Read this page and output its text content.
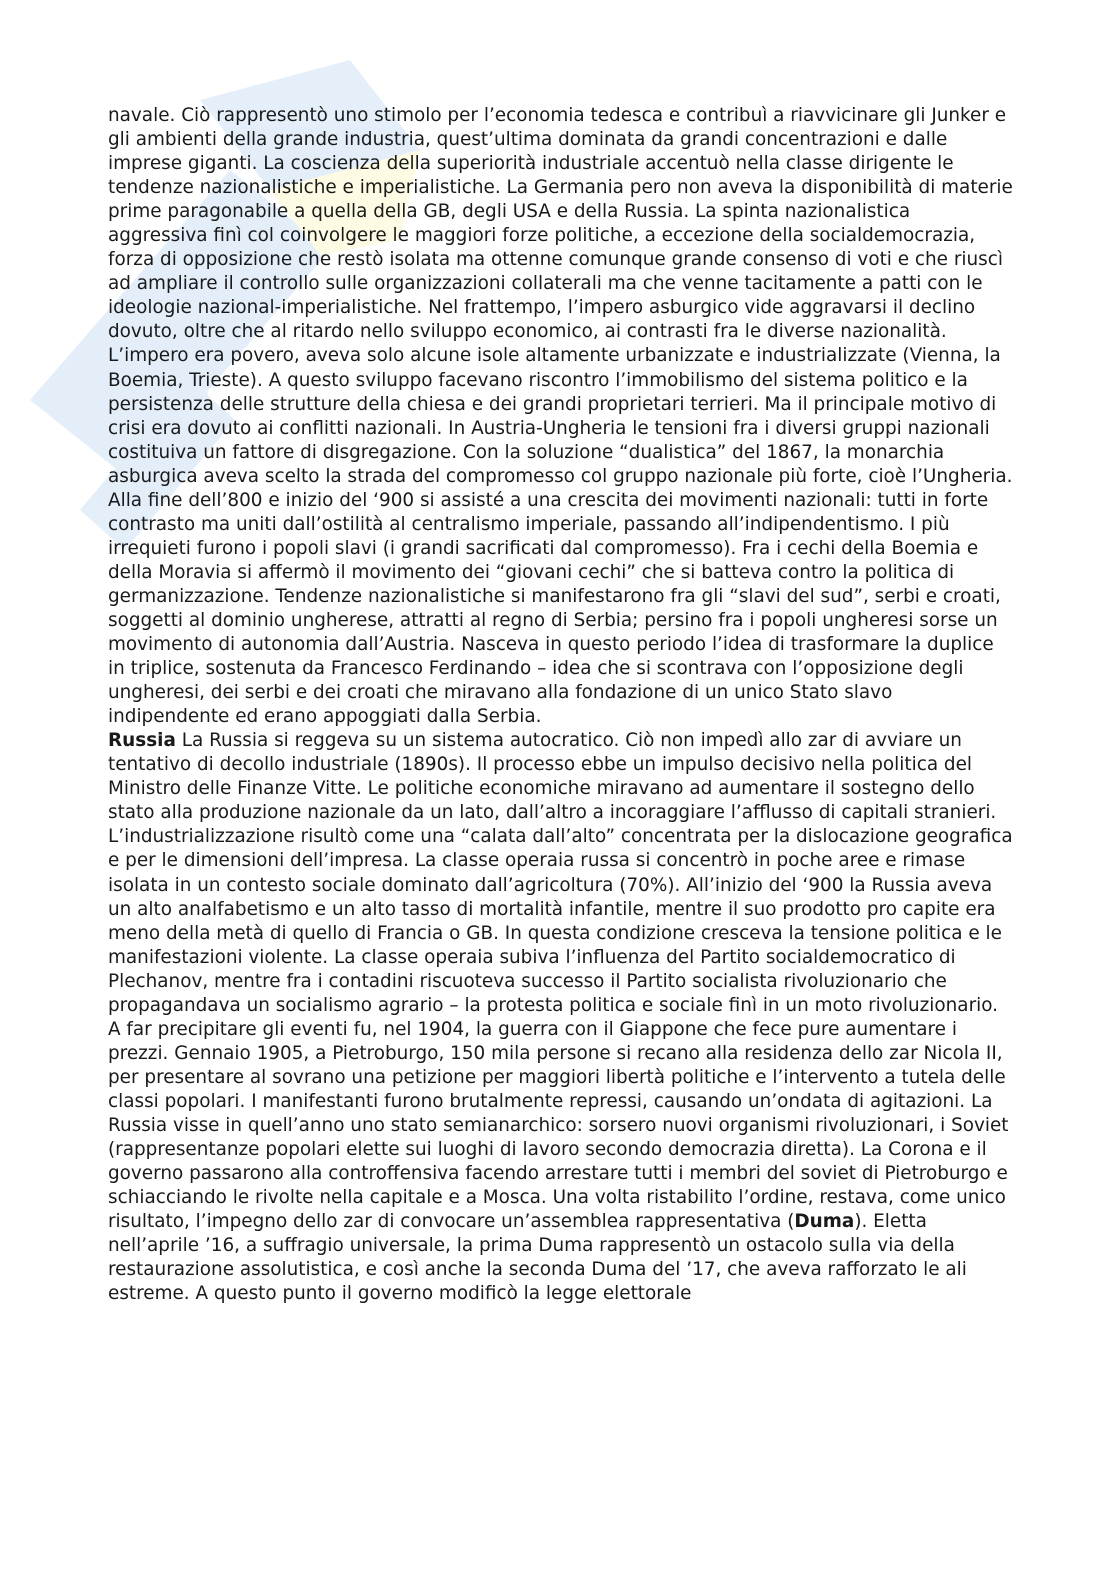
navale. Ciò rappresentò uno stimolo per l’economia tedesca e contribuì a riavvicinare gli Junker e gli ambienti della grande industria, quest’ultima dominata da grandi concentrazioni e dalle imprese giganti. La coscienza della superiorità industriale accentuò nella classe dirigente le tendenze nazionalistiche e imperialistiche. La Germania pero non aveva la disponibilità di materie prime paragonabile a quella della GB, degli USA e della Russia. La spinta nazionalistica aggressiva finì col coinvolgere le maggiori forze politiche, a eccezione della socialdemocrazia, forza di opposizione che restò isolata ma ottenne comunque grande consenso di voti e che riuscì ad ampliare il controllo sulle organizzazioni collaterali ma che venne tacitamente a patti con le ideologie nazional-imperialistiche. Nel frattempo, l’impero asburgico vide aggravarsi il declino dovuto, oltre che al ritardo nello sviluppo economico, ai contrasti fra le diverse nazionalità. L’impero era povero, aveva solo alcune isole altamente urbanizzate e industrializzate (Vienna, la Boemia, Trieste). A questo sviluppo facevano riscontro l’immobilismo del sistema politico e la persistenza delle strutture della chiesa e dei grandi proprietari terrieri. Ma il principale motivo di crisi era dovuto ai conflitti nazionali. In Austria-Ungheria le tensioni fra i diversi gruppi nazionali costituiva un fattore di disgregazione. Con la soluzione “dualistica” del 1867, la monarchia asburgica aveva scelto la strada del compromesso col gruppo nazionale più forte, cioè l’Ungheria. Alla fine dell’800 e inizio del ‘900 si assisté a una crescita dei movimenti nazionali: tutti in forte contrasto ma uniti dall’ostilità al centralismo imperiale, passando all’indipendentismo. I più irrequieti furono i popoli slavi (i grandi sacrificati dal compromesso). Fra i cechi della Boemia e della Moravia si affermò il movimento dei “giovani cechi” che si batteva contro la politica di germanizzazione. Tendenze nazionalistiche si manifestarono fra gli “slavi del sud”, serbi e croati, soggetti al dominio ungherese, attratti al regno di Serbia; persino fra i popoli ungheresi sorse un movimento di autonomia dall’Austria. Nasceva in questo periodo l’idea di trasformare la duplice in triplice, sostenuta da Francesco Ferdinando – idea che si scontrava con l’opposizione degli ungheresi, dei serbi e dei croati che miravano alla fondazione di un unico Stato slavo indipendente ed erano appoggiati dalla Serbia.

Russia La Russia si reggeva su un sistema autocratico. Ciò non impedì allo zar di avviare un tentativo di decollo industriale (1890s). Il processo ebbe un impulso decisivo nella politica del Ministro delle Finanze Vitte. Le politiche economiche miravano ad aumentare il sostegno dello stato alla produzione nazionale da un lato, dall’altro a incoraggiare l’afflusso di capitali stranieri. L’industrializzazione risultò come una “calata dall’alto” concentrata per la dislocazione geografica e per le dimensioni dell’impresa. La classe operaia russa si concentrò in poche aree e rimase isolata in un contesto sociale dominato dall’agricoltura (70%). All’inizio del ‘900 la Russia aveva un alto analfabetismo e un alto tasso di mortalità infantile, mentre il suo prodotto pro capite era meno della metà di quello di Francia o GB. In questa condizione cresceva la tensione politica e le manifestazioni violente. La classe operaia subiva l’influenza del Partito socialdemocratico di Plechanov, mentre fra i contadini riscuoteva successo il Partito socialista rivoluzionario che propagandava un socialismo agrario – la protesta politica e sociale finì in un moto rivoluzionario. A far precipitare gli eventi fu, nel 1904, la guerra con il Giappone che fece pure aumentare i prezzi. Gennaio 1905, a Pietroburgo, 150 mila persone si recano alla residenza dello zar Nicola II, per presentare al sovrano una petizione per maggiori libertà politiche e l’intervento a tutela delle classi popolari. I manifestanti furono brutalmente repressi, causando un’ondata di agitazioni. La Russia visse in quell’anno uno stato semianarchico: sorsero nuovi organismi rivoluzionari, i Soviet (rappresentanze popolari elette sui luoghi di lavoro secondo democrazia diretta). La Corona e il governo passarono alla controffensiva facendo arrestare tutti i membri del soviet di Pietroburgo e schiacciando le rivolte nella capitale e a Mosca. Una volta ristabilito l’ordine, restava, come unico risultato, l’impegno dello zar di convocare un’assemblea rappresentativa (Duma). Eletta nell’aprile ’16, a suffragio universale, la prima Duma rappresentò un ostacolo sulla via della restaurazione assolutistica, e così anche la seconda Duma del ’17, che aveva rafforzato le ali estreme. A questo punto il governo modificò la legge elettorale
